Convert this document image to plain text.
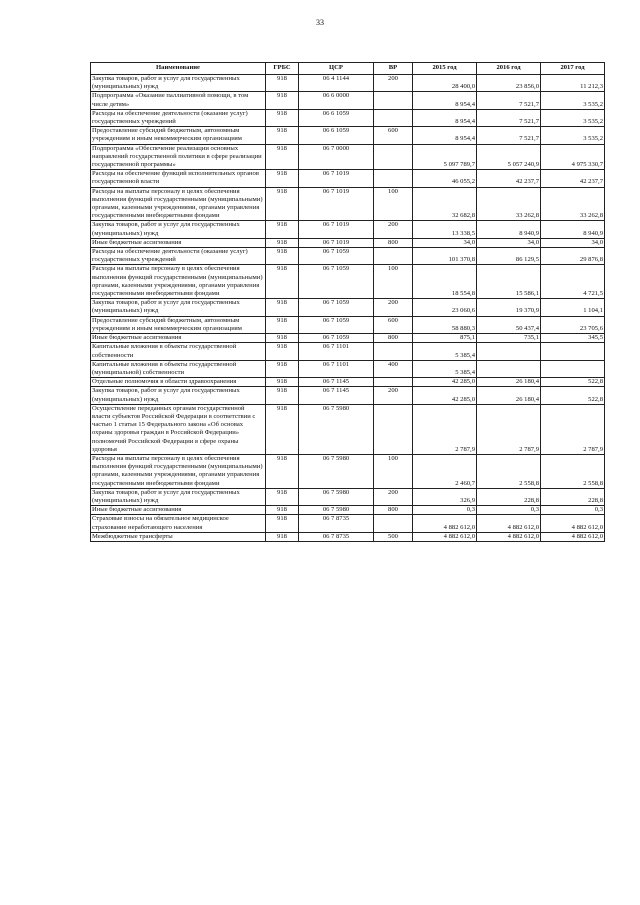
33
Наименование	ГРБС	ЦСР	ВР	2015 год	2016 год	2017 год
Закупка товаров, работ и услуг для государственных (муниципальных) нужд	918	06 4 1144	200	28 400,0	23 856,0	11 212,3
Подпрограмма «Оказание паллиативной помощи, в том числе детям»	918	06 6 0000		8 954,4	7 521,7	3 535,2
Расходы на обеспечение деятельности (оказание услуг) государственных учреждений	918	06 6 1059		8 954,4	7 521,7	3 535,2
Предоставление субсидий бюджетным, автономным учреждениям и иным некоммерческим организациям	918	06 6 1059	600	8 954,4	7 521,7	3 535,2
Подпрограмма «Обеспечение реализации основных направлений государственной политики в сфере реализации государственной программы»	918	06 7 0000		5 097 789,7	5 057 240,9	4 975 330,7
Расходы на обеспечение функций исполнительных органов государственной власти	918	06 7 1019		46 055,2	42 237,7	42 237,7
Расходы на выплаты персоналу в целях обеспечения выполнения функций государственными (муниципальными) органами, казенными учреждениями, органами управления государственными внебюджетными фондами	918	06 7 1019	100	32 682,8	33 262,8	33 262,8
Закупка товаров, работ и услуг для государственных (муниципальных) нужд	918	06 7 1019	200	13 338,5	8 940,9	8 940,9
Иные бюджетные ассигнования	918	06 7 1019	800	34,0	34,0	34,0
Расходы на обеспечение деятельности (оказание услуг) государственных учреждений	918	06 7 1059		101 370,8	86 129,5	29 876,8
Расходы на выплаты персоналу в целях обеспечения выполнения функций государственными (муниципальными) органами, казенными учреждениями, органами управления государственными внебюджетными фондами	918	06 7 1059	100	18 554,8	15 586,1	4 721,5
Закупка товаров, работ и услуг для государственных (муниципальных) нужд	918	06 7 1059	200	23 060,6	19 370,9	1 104,1
Предоставление субсидий бюджетным, автономным учреждениям и иным некоммерческим организациям	918	06 7 1059	600	58 880,3	50 437,4	23 705,6
Иные бюджетные ассигнования	918	06 7 1059	800	875,1	735,1	345,5
Капитальные вложения в объекты государственной собственности	918	06 7 1101		5 385,4		
Капитальные вложения в объекты государственной (муниципальной) собственности	918	06 7 1101	400	5 385,4		
Отдельные полномочия в области здравоохранения	918	06 7 1145		42 285,0	26 180,4	522,8
Закупка товаров, работ и услуг для государственных (муниципальных) нужд	918	06 7 1145	200	42 285,0	26 180,4	522,8
Осуществление переданных органам государственной власти субъектов Российской Федерации в соответствии с частью 1 статьи 15 Федерального закона «Об основах охраны здоровья граждан в Российской Федерации» полномочий Российской Федерации в сфере охраны здоровья	918	06 7 5980		2 787,9	2 787,9	2 787,9
Расходы на выплаты персоналу в целях обеспечения выполнения функций государственными (муниципальными) органами, казенными учреждениями, органами управления государственными внебюджетными фондами	918	06 7 5980	100	2 460,7	2 558,8	2 558,8
Закупка товаров, работ и услуг для государственных (муниципальных) нужд	918	06 7 5980	200	326,9	228,8	228,8
Иные бюджетные ассигнования	918	06 7 5980	800	0,3	0,3	0,3
Страховые взносы на обязательное медицинское страхование неработающего населения	918	06 7 8735		4 882 612,0	4 882 612,0	4 882 612,0
Межбюджетные трансферты	918	06 7 8735	500	4 882 612,0	4 882 612,0	4 882 612,0
